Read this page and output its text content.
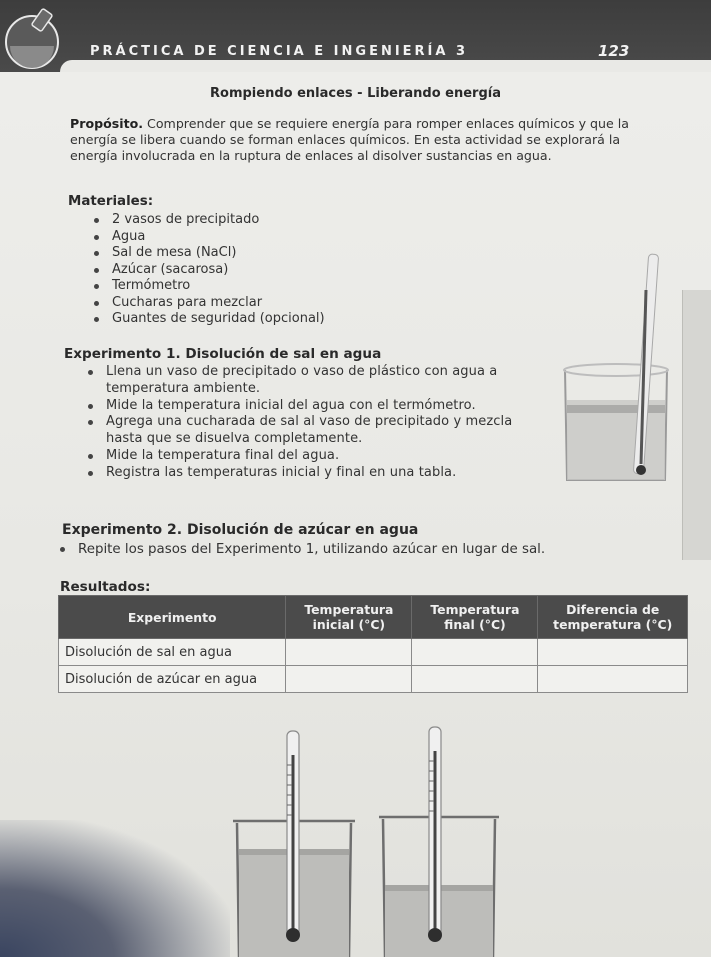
PRÁCTICA DE CIENCIA E INGENIERÍA 3	123
Rompiendo enlaces - Liberando energía
Propósito. Comprender que se requiere energía para romper enlaces químicos y que la energía se libera cuando se forman enlaces químicos. En esta actividad se explorará la energía involucrada en la ruptura de enlaces al disolver sustancias en agua.
Materiales:
2 vasos de precipitado
Agua
Sal de mesa (NaCl)
Azúcar (sacarosa)
Termómetro
Cucharas para mezclar
Guantes de seguridad (opcional)
Experimento 1. Disolución de sal en agua
Llena un vaso de precipitado o vaso de plástico con agua a temperatura ambiente.
Mide la temperatura inicial del agua con el termómetro.
Agrega una cucharada de sal al vaso de precipitado y mezcla hasta que se disuelva completamente.
Mide la temperatura final del agua.
Registra las temperaturas inicial y final en una tabla.
Experimento 2. Disolución de azúcar en agua
Repite los pasos del Experimento 1, utilizando azúcar en lugar de sal.
Resultados:
Experimento	Temperatura inicial (°C)	Temperatura final (°C)	Diferencia de temperatura (°C)
Disolución de sal en agua			
Disolución de azúcar en agua			
